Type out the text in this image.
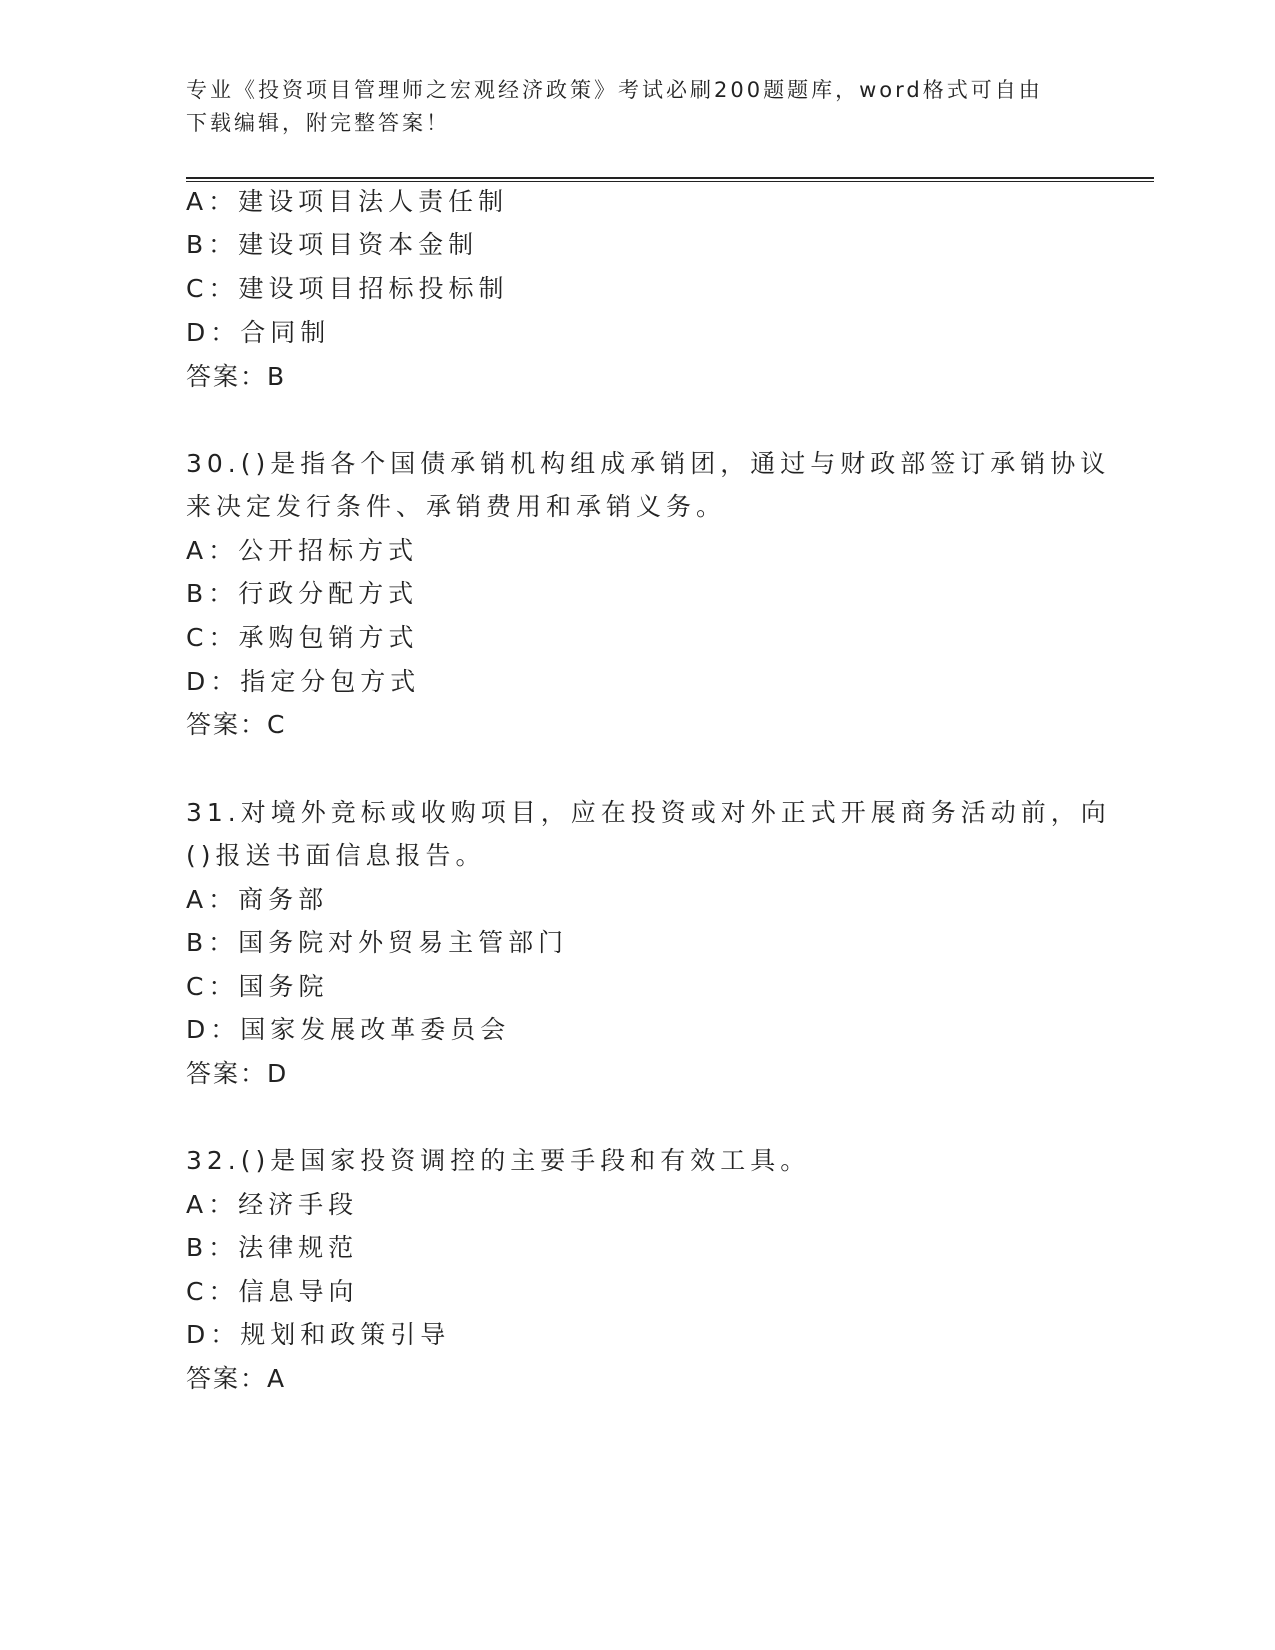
专业《投资项目管理师之宏观经济政策》考试必刷200题题库，word格式可自由
下载编辑，附完整答案！
A：建设项目法人责任制
B：建设项目资本金制
C：建设项目招标投标制
D：合同制
答案：B
30.()是指各个国债承销机构组成承销团，通过与财政部签订承销协议
来决定发行条件、承销费用和承销义务。
A：公开招标方式
B：行政分配方式
C：承购包销方式
D：指定分包方式
答案：C
31.对境外竞标或收购项目，应在投资或对外正式开展商务活动前，向
()报送书面信息报告。
A：商务部
B：国务院对外贸易主管部门
C：国务院
D：国家发展改革委员会
答案：D
32.()是国家投资调控的主要手段和有效工具。
A：经济手段
B：法律规范
C：信息导向
D：规划和政策引导
答案：A
